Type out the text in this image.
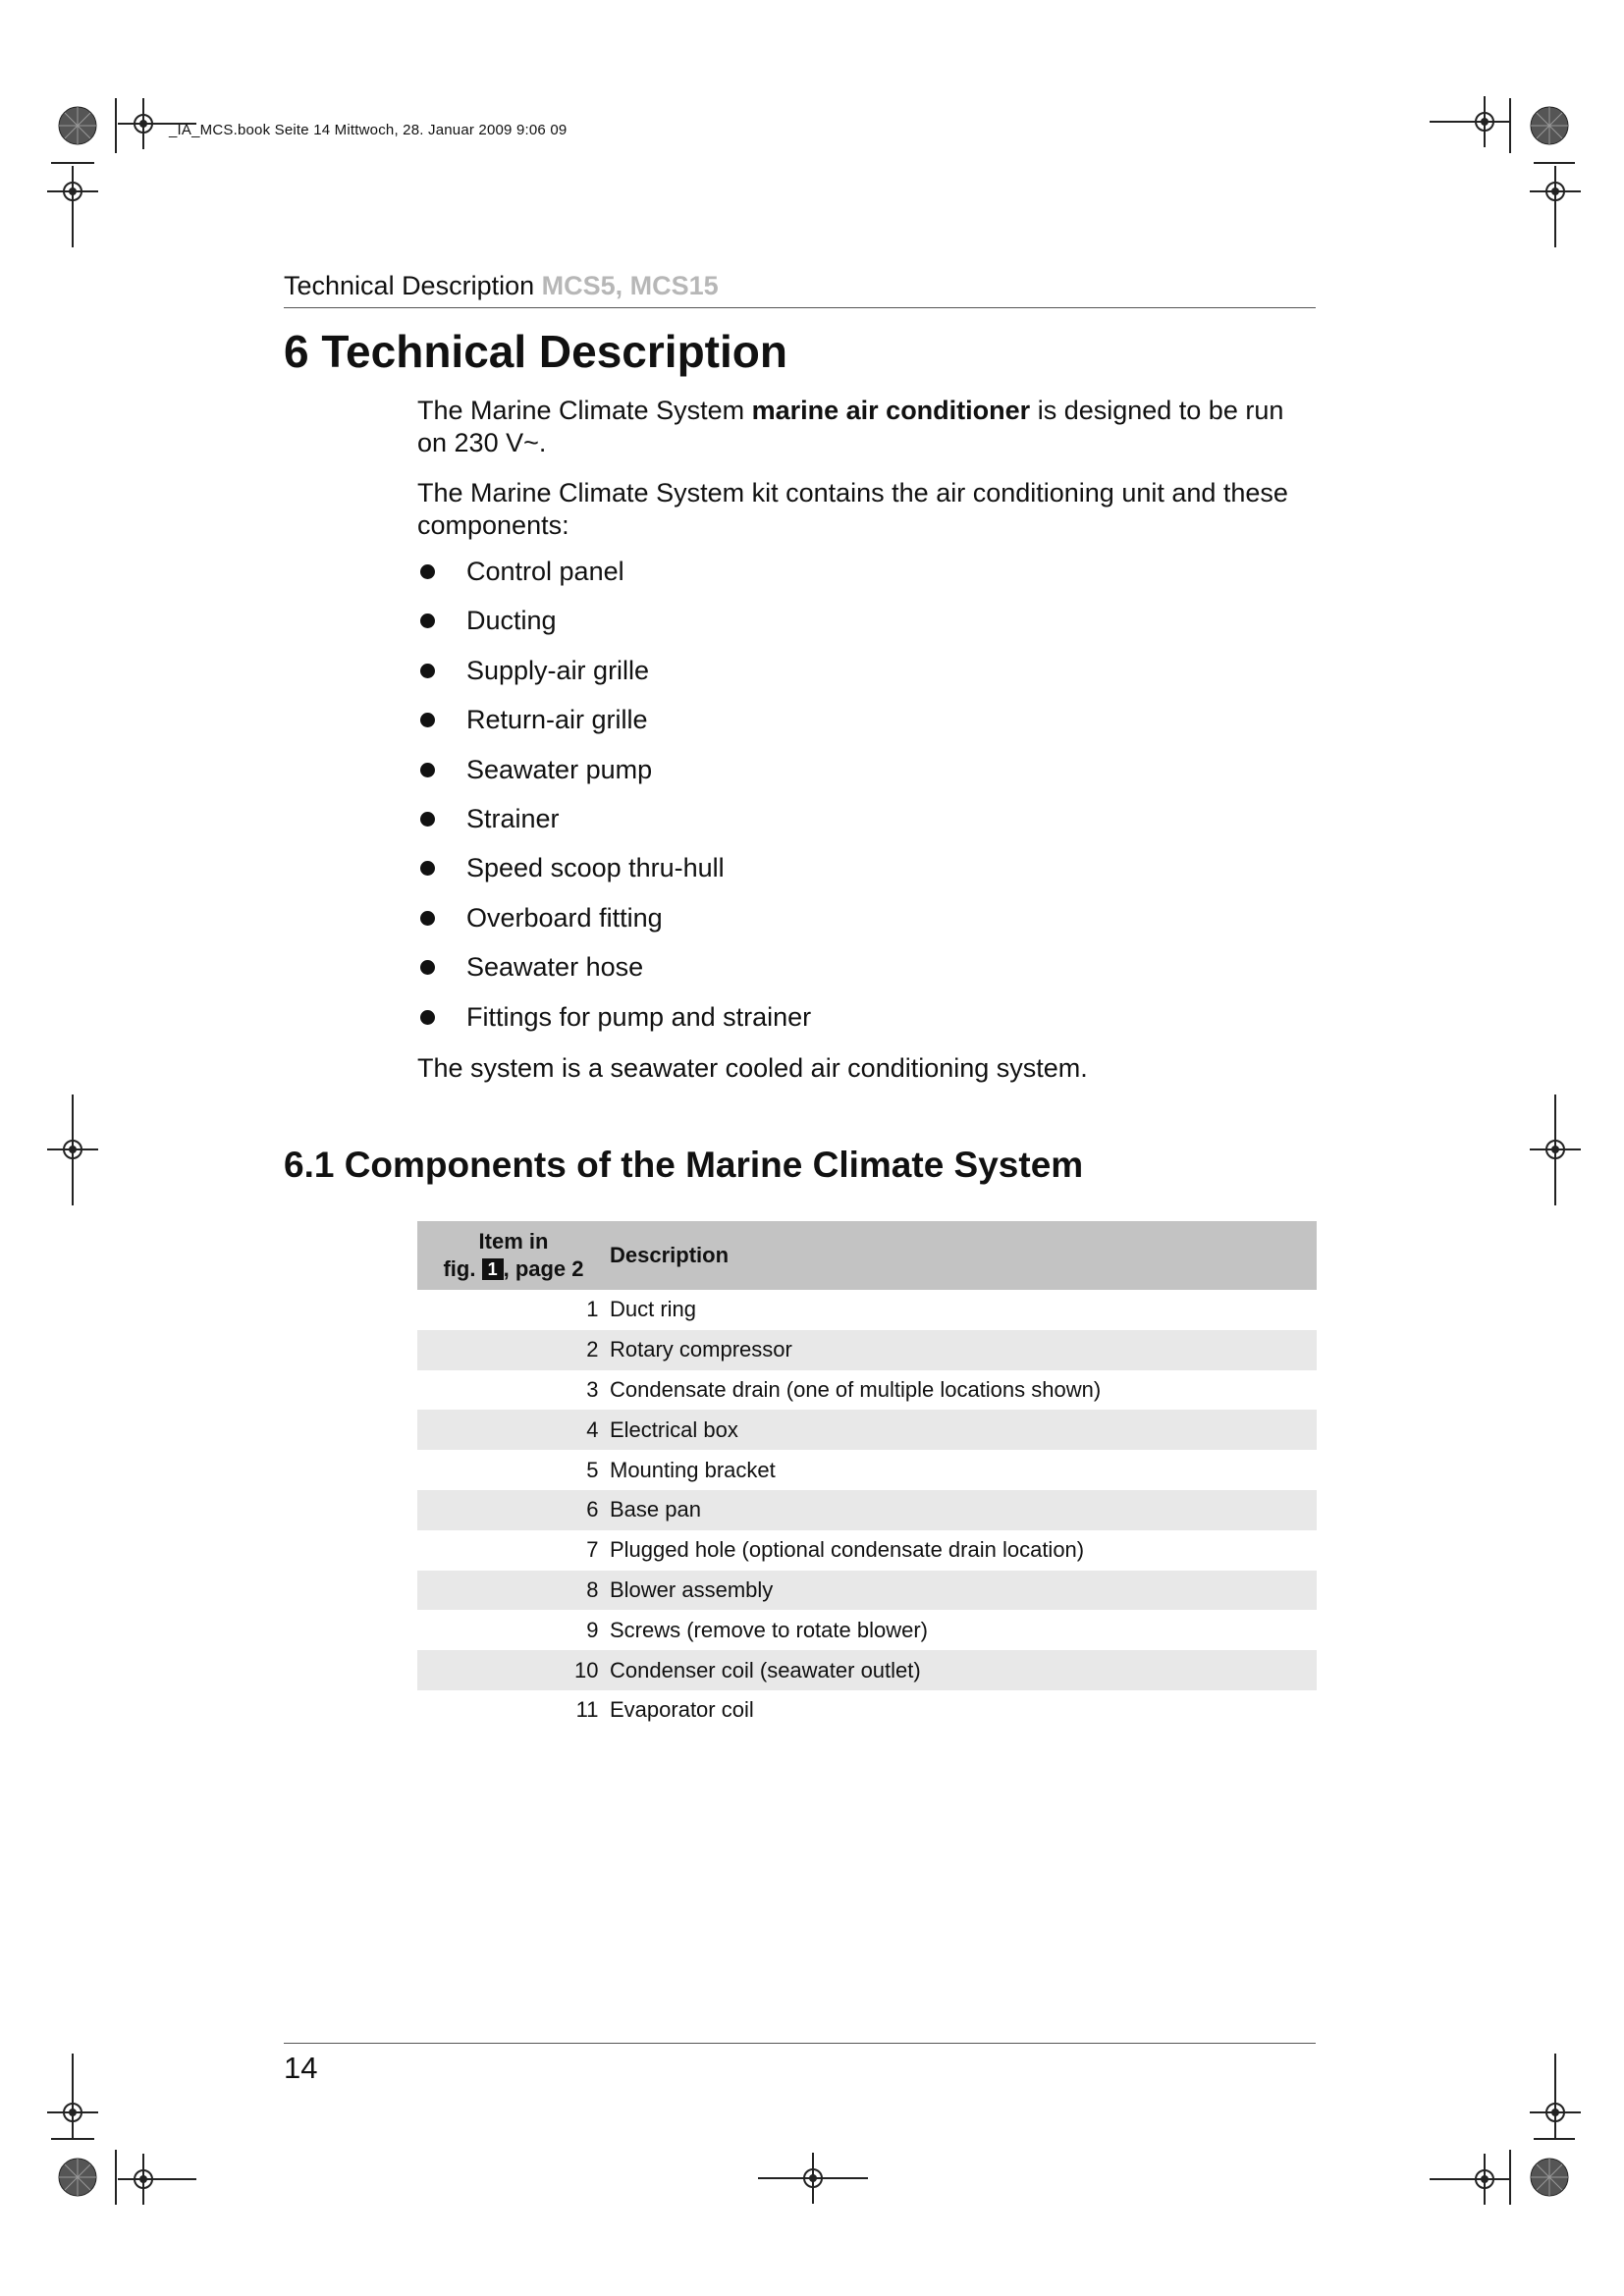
_IA_MCS.book Seite 14 Mittwoch, 28. Januar 2009 9:06 09
Technical Description MCS5, MCS15
6 Technical Description

The Marine Climate System marine air conditioner is designed to be run on 230 V~.

The Marine Climate System kit contains the air conditioning unit and these components:

Control panel
Ducting
Supply-air grille
Return-air grille
Seawater pump
Strainer
Speed scoop thru-hull
Overboard fitting
Seawater hose
Fittings for pump and strainer
The system is a seawater cooled air conditioning system.
6.1 Components of the Marine Climate System
Item in
fig. 1 , page 2		Description
1		Duct ring
2		Rotary compressor
3		Condensate drain (one of multiple locations shown)
4		Electrical box
5		Mounting bracket
6		Base pan
7		Plugged hole (optional condensate drain location)
8		Blower assembly
9		Screws (remove to rotate blower)
10		Condenser coil (seawater outlet)
11		Evaporator coil
14
